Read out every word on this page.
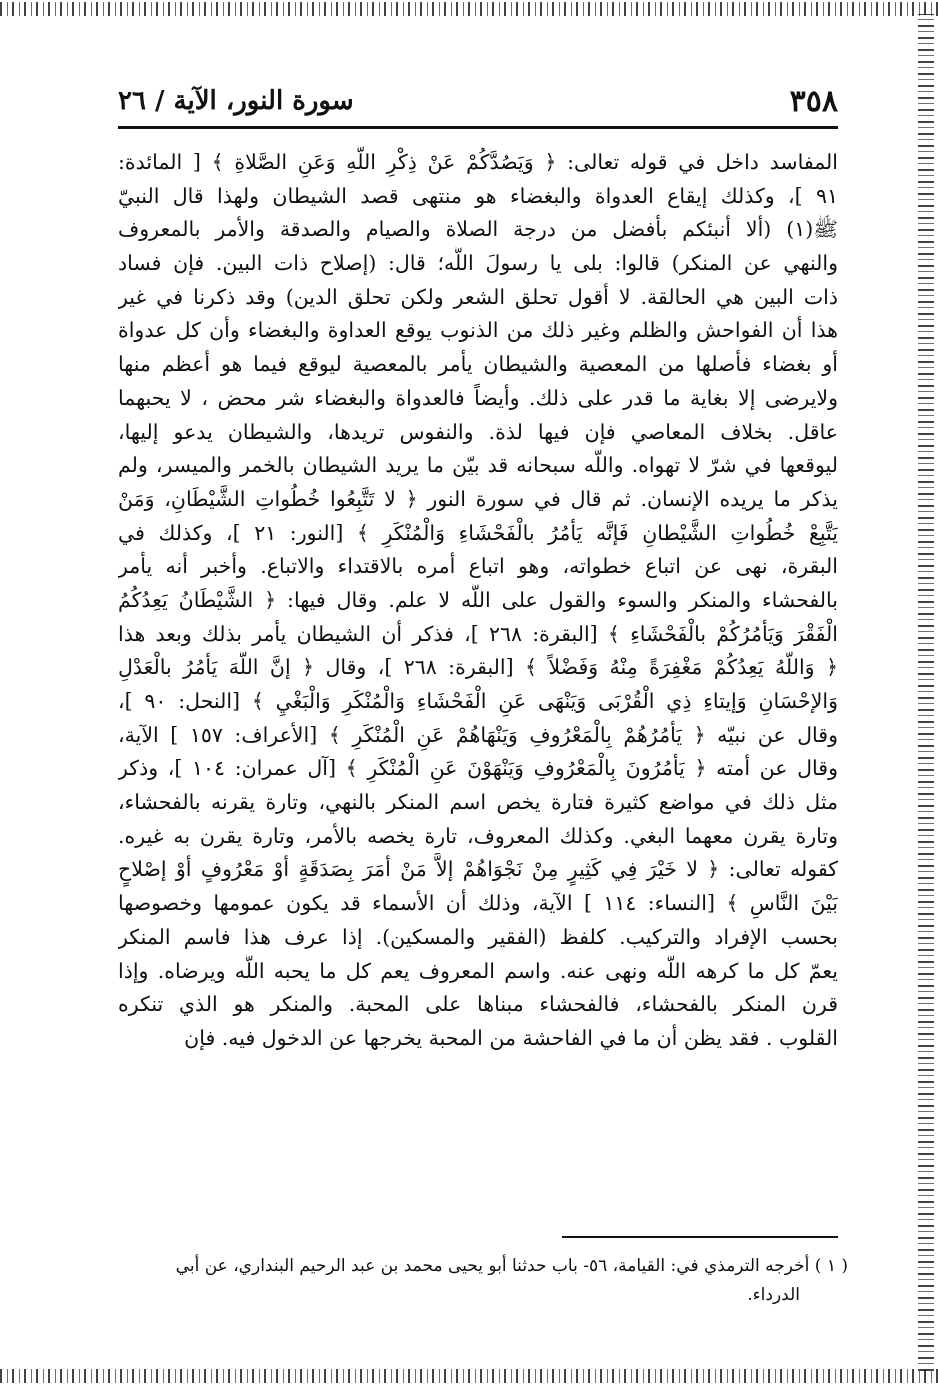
٣٥٨
سورة النور، الآية / ٢٦

المفاسد داخل في قوله تعالى: ﴿ وَيَصُدَّكُمْ عَنْ ذِكْرِ اللَّهِ وَعَنِ الصَّلاةِ ﴾ [ المائدة:

٩١ ]، وكذلك إيقاع العدواة والبغضاء هو منتهى قصد الشيطان ولهذا قال النبيّ

ﷺ(١) (ألا أنبئكم بأفضل من درجة الصلاة والصيام والصدقة والأمر بالمعروف

والنهي عن المنكر) قالوا: بلى يا رسولَ اللَّه؛ قال: (إصلاح ذات البين. فإن فساد

ذات البين هي الحالقة. لا أقول تحلق الشعر ولكن تحلق الدين) وقد ذكرنا في غير

هذا أن الفواحش والظلم وغير ذلك من الذنوب يوقع العداوة والبغضاء وأن كل عدواة

أو بغضاء فأصلها من المعصية والشيطان يأمر بالمعصية ليوقع فيما هو أعظم منها

ولايرضى إلا بغاية ما قدر على ذلك. وأيضاً فالعدواة والبغضاء شر محض ، لا يحبهما

عاقل. بخلاف المعاصي فإن فيها لذة. والنفوس تريدها، والشيطان يدعو إليها،

ليوقعها في شرّ لا تهواه. واللَّه سبحانه قد بيّن ما يريد الشيطان بالخمر والميسر، ولم

يذكر ما يريده الإنسان. ثم قال في سورة النور ﴿ لا تَتَّبِعُوا خُطُواتِ الشَّيْطَانِ، وَمَنْ

يَتَّبِعْ خُطُواتِ الشَّيْطانِ فَإنَّه يَأمُرُ بالْفَحْشَاءِ وَالْمُنْكَرِ ﴾ [النور: ٢١ ]، وكذلك في

البقرة، نهى عن اتباع خطواته، وهو اتباع أمره بالاقتداء والاتباع. وأخبر أنه يأمر

بالفحشاء والمنكر والسوء والقول على اللَّه لا علم. وقال فيها: ﴿ الشَّيْطَانُ يَعِدُكُمُ

الْفَقْرَ وَيَأمُرُكُمْ بالْفَحْشَاءِ ﴾ [البقرة: ٢٦٨ ]، فذكر أن الشيطان يأمر بذلك وبعد هذا

﴿ وَاللَّهُ يَعِدُكُمْ مَغْفِرَةً مِنْهُ وَفَضْلاً ﴾ [البقرة: ٢٦٨ ]، وقال ﴿ إنَّ اللَّهَ يَأمُرُ بالْعَدْلِ

وَالإحْسَانِ وَإيتاءِ ذِي الْقُرْبَى وَيَنْهَى عَنِ الْفَحْشَاءِ وَالْمُنْكَرِ وَالْبَغْيِ ﴾ [النحل: ٩٠ ]،

وقال عن نبيّه ﴿ يَأمُرُهُمْ بِالْمَعْرُوفِ وَيَنْهَاهُمْ عَنِ الْمُنْكَرِ ﴾ [الأعراف: ١٥٧ ] الآية،

وقال عن أمته ﴿ يَأمُرُونَ بِالْمَعْرُوفِ وَيَنْهَوْنَ عَنِ الْمُنْكَرِ ﴾ [آل عمران: ١٠٤ ]، وذكر

مثل ذلك في مواضع كثيرة فتارة يخص اسم المنكر بالنهي، وتارة يقرنه بالفحشاء،

وتارة يقرن معهما البغي. وكذلك المعروف، تارة يخصه بالأمر، وتارة يقرن به غيره.

كقوله تعالى: ﴿ لا خَيْرَ فِي كَثِيرٍ مِنْ نَجْوَاهُمْ إلاَّ مَنْ أمَرَ بِصَدَقَةٍ أوْ مَعْرُوفٍ أوْ إصْلاحٍ

بَيْنَ النَّاسِ ﴾ [النساء: ١١٤ ] الآية، وذلك أن الأسماء قد يكون عمومها وخصوصها

بحسب الإفراد والتركيب. كلفظ (الفقير والمسكين). إذا عرف هذا فاسم المنكر

يعمّ كل ما كرهه اللَّه ونهى عنه. واسم المعروف يعم كل ما يحبه اللَّه ويرضاه. وإذا

قرن المنكر بالفحشاء، فالفحشاء مبناها على المحبة. والمنكر هو الذي تنكره

القلوب . فقد يظن أن ما في الفاحشة من المحبة يخرجها عن الدخول فيه. فإن

( ١ ) أخرجه الترمذي في: القيامة، ٥٦- باب حدثنا أبو يحيى محمد بن عبد الرحيم البنداري، عن أبي

الدرداء.
